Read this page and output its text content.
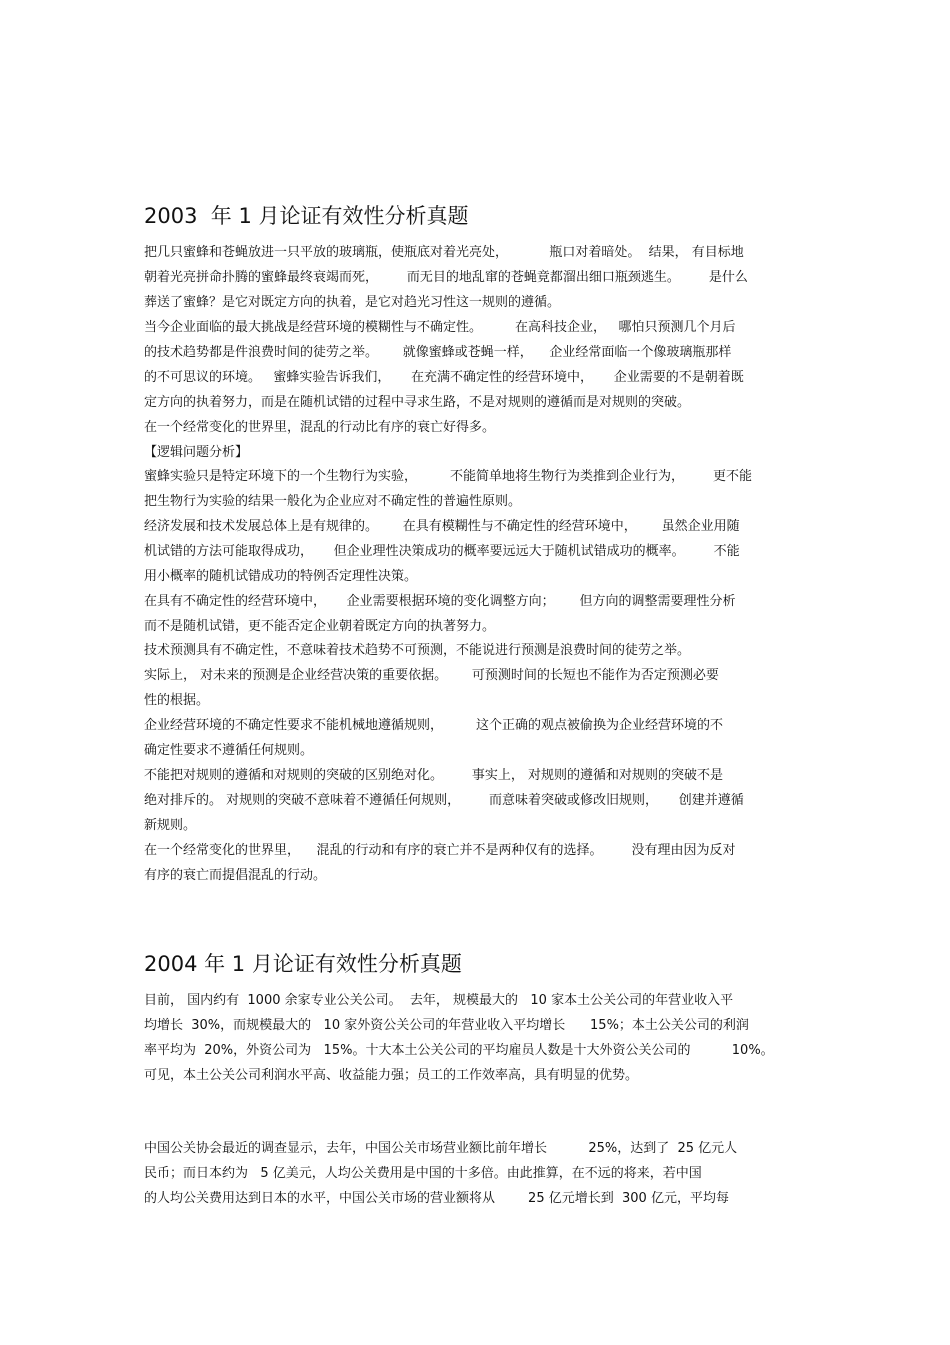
2003  年 1 月论证有效性分析真题

把几只蜜蜂和苍蝇放进一只平放的玻璃瓶，使瓶底对着光亮处，          瓶口对着暗处。  结果， 有目标地

朝着光亮拼命扑腾的蜜蜂最终衰竭而死，       而无目的地乱窜的苍蝇竟都溜出细口瓶颈逃生。       是什么

葬送了蜜蜂？是它对既定方向的执着，是它对趋光习性这一规则的遵循。

当今企业面临的最大挑战是经营环境的模糊性与不确定性。        在高科技企业，   哪怕只预测几个月后

的技术趋势都是件浪费时间的徒劳之举。      就像蜜蜂或苍蝇一样，    企业经常面临一个像玻璃瓶那样

的不可思议的环境。   蜜蜂实验告诉我们，     在充满不确定性的经营环境中，     企业需要的不是朝着既

定方向的执着努力，而是在随机试错的过程中寻求生路，不是对规则的遵循而是对规则的突破。

在一个经常变化的世界里，混乱的行动比有序的衰亡好得多。

【逻辑问题分析】

蜜蜂实验只是特定环境下的一个生物行为实验，        不能简单地将生物行为类推到企业行为，       更不能

把生物行为实验的结果一般化为企业应对不确定性的普遍性原则。

经济发展和技术发展总体上是有规律的。      在具有模糊性与不确定性的经营环境中，      虽然企业用随

机试错的方法可能取得成功，     但企业理性决策成功的概率要远远大于随机试错成功的概率。       不能

用小概率的随机试错成功的特例否定理性决策。

在具有不确定性的经营环境中，     企业需要根据环境的变化调整方向；      但方向的调整需要理性分析

而不是随机试错，更不能否定企业朝着既定方向的执著努力。

技术预测具有不确定性，不意味着技术趋势不可预测，不能说进行预测是浪费时间的徒劳之举。

实际上， 对未来的预测是企业经营决策的重要依据。      可预测时间的长短也不能作为否定预测必要

性的根据。

企业经营环境的不确定性要求不能机械地遵循规则，        这个正确的观点被偷换为企业经营环境的不

确定性要求不遵循任何规则。

不能把对规则的遵循和对规则的突破的区别绝对化。       事实上， 对规则的遵循和对规则的突破不是

绝对排斥的。 对规则的突破不意味着不遵循任何规则，       而意味着突破或修改旧规则，     创建并遵循

新规则。

在一个经常变化的世界里，    混乱的行动和有序的衰亡并不是两种仅有的选择。       没有理由因为反对

有序的衰亡而提倡混乱的行动。

2004 年 1 月论证有效性分析真题

目前， 国内约有  1000 余家专业公关公司。  去年， 规模最大的   10 家本土公关公司的年营业收入平

均增长  30%，而规模最大的   10 家外资公关公司的年营业收入平均增长      15%；本土公关公司的利润

率平均为  20%，外资公司为   15%。十大本土公关公司的平均雇员人数是十大外资公关公司的          10%。

可见，本土公关公司利润水平高、收益能力强；员工的工作效率高，具有明显的优势。

中国公关协会最近的调查显示，去年，中国公关市场营业额比前年增长          25%，达到了  25 亿元人

民币；而日本约为   5 亿美元，人均公关费用是中国的十多倍。由此推算，在不远的将来，若中国

的人均公关费用达到日本的水平，中国公关市场的营业额将从        25 亿元增长到  300 亿元，平均每
